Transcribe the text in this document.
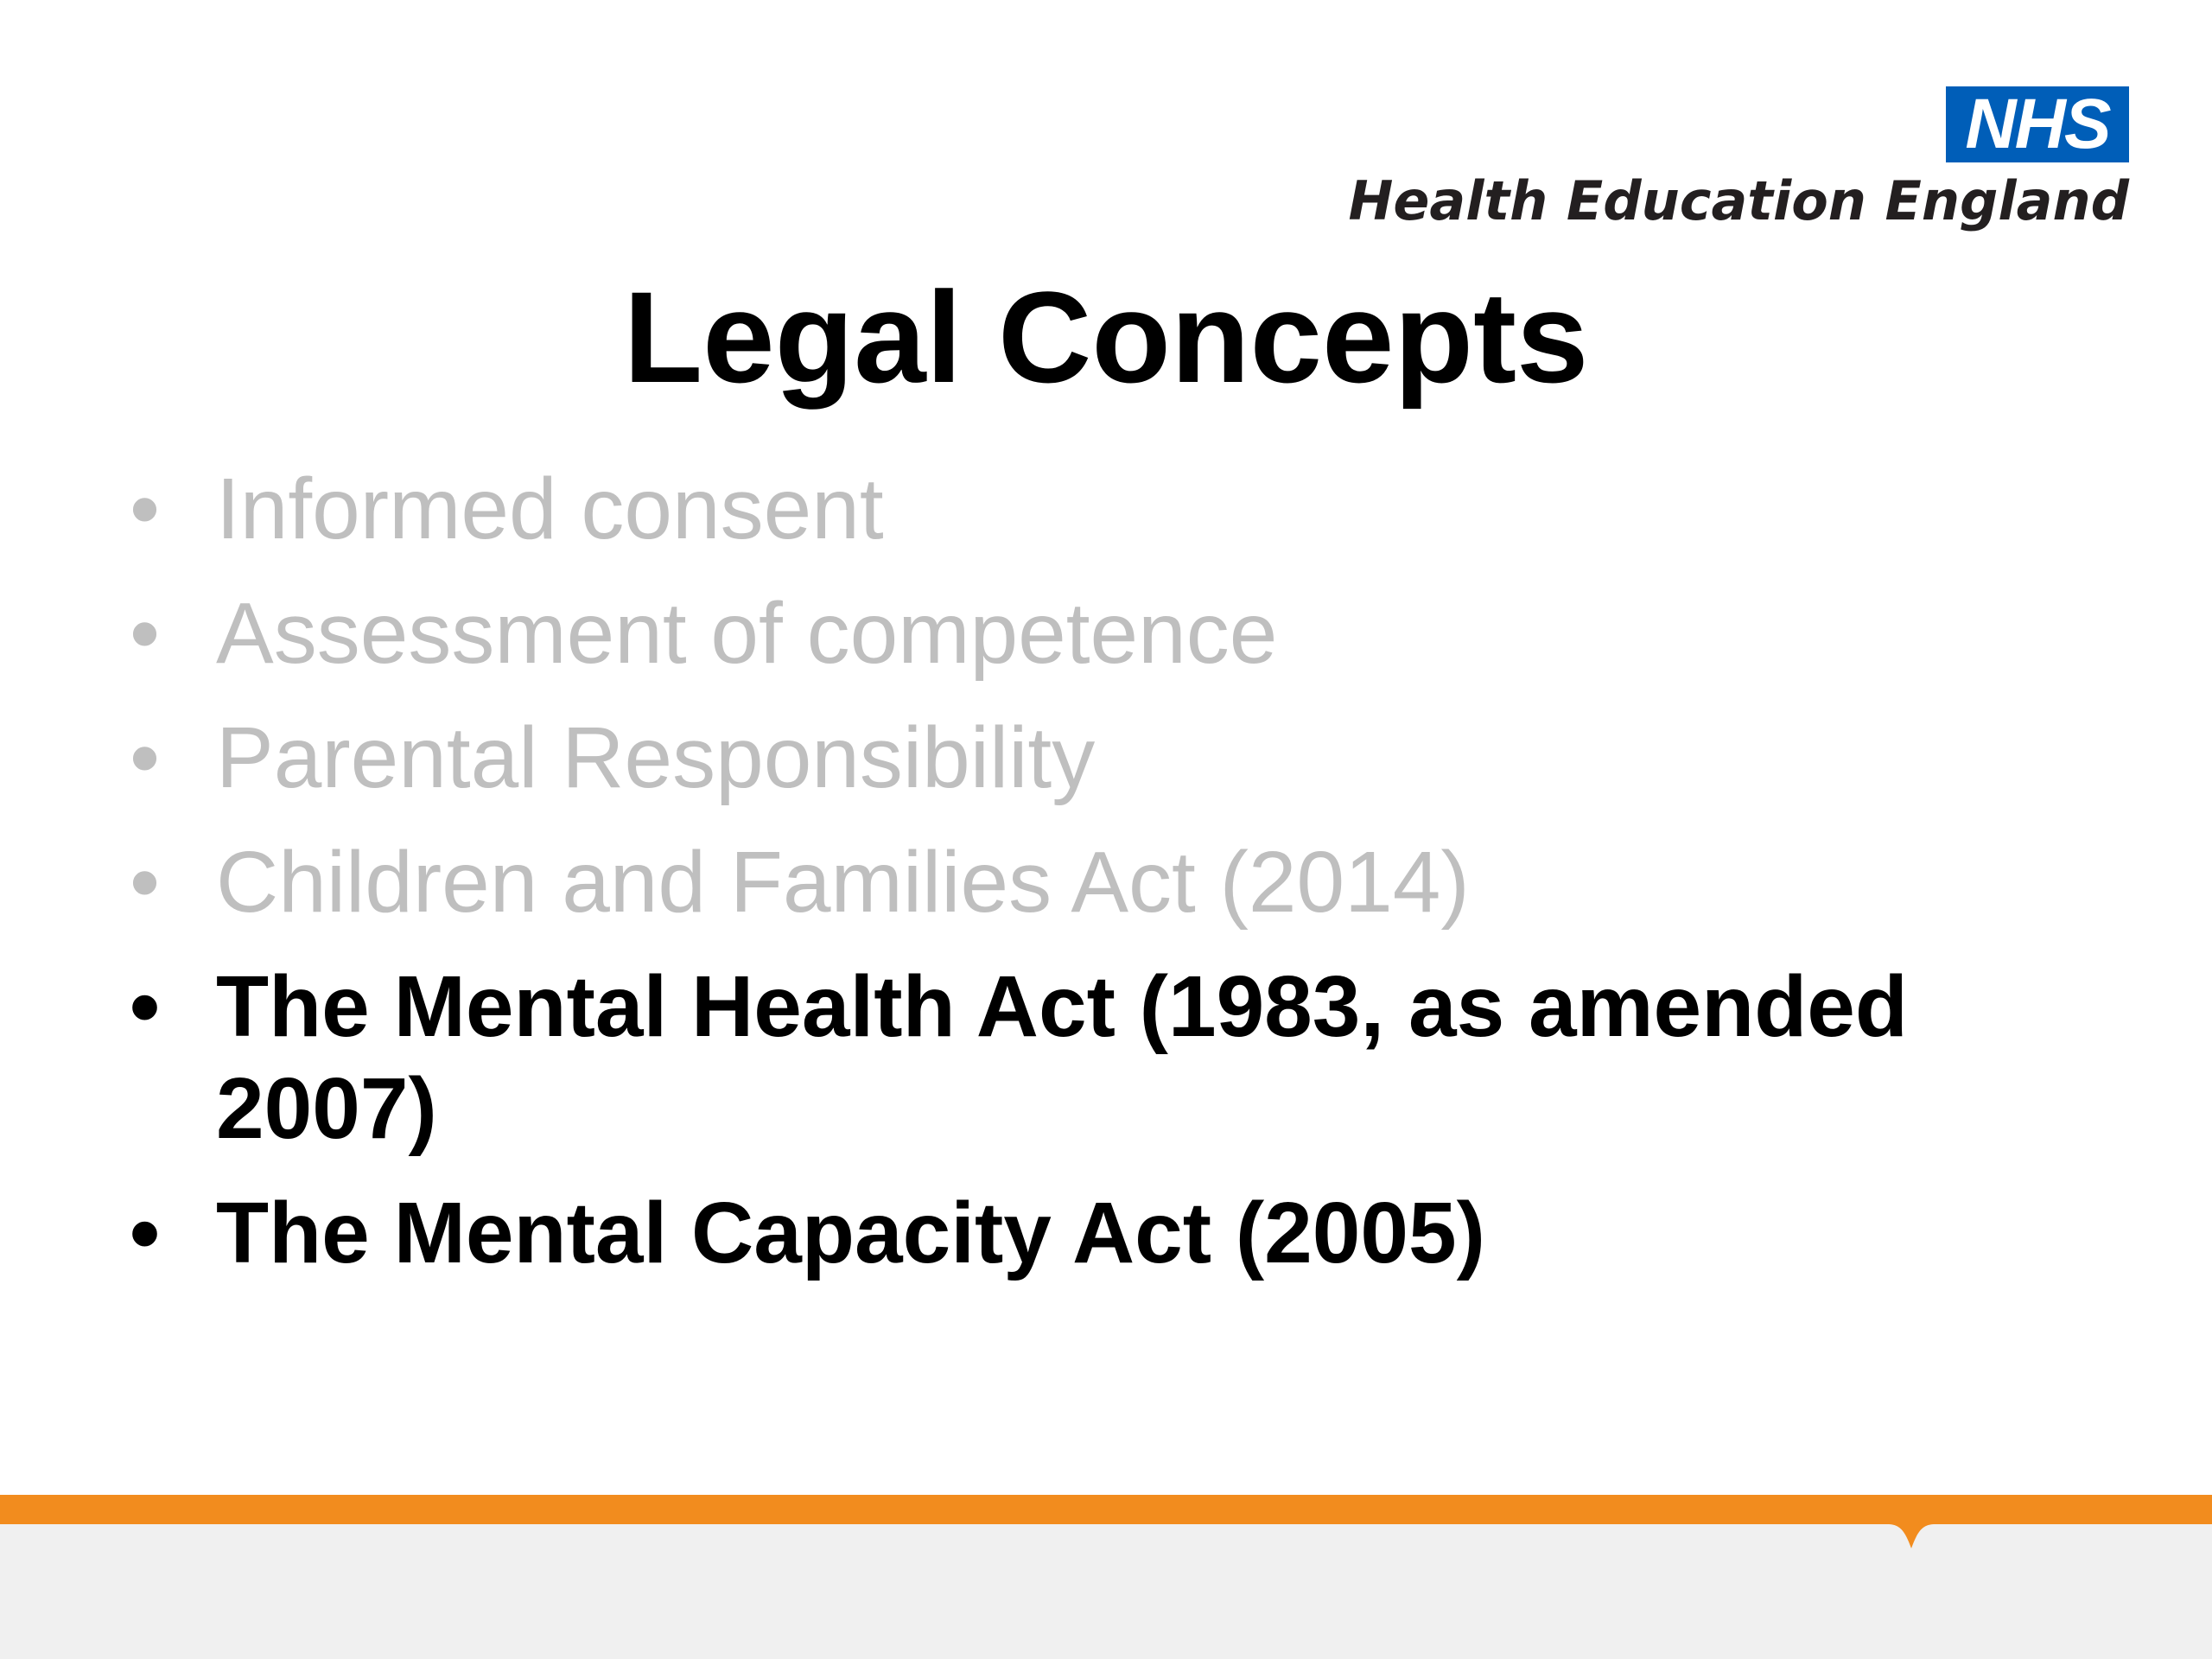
NHS
Health Education England
Legal Concepts
• Informed consent
• Assessment of competence
• Parental Responsibility
• Children and Families Act (2014)
• The Mental Health Act (1983, as amended 2007)
• The Mental Capacity Act (2005)
